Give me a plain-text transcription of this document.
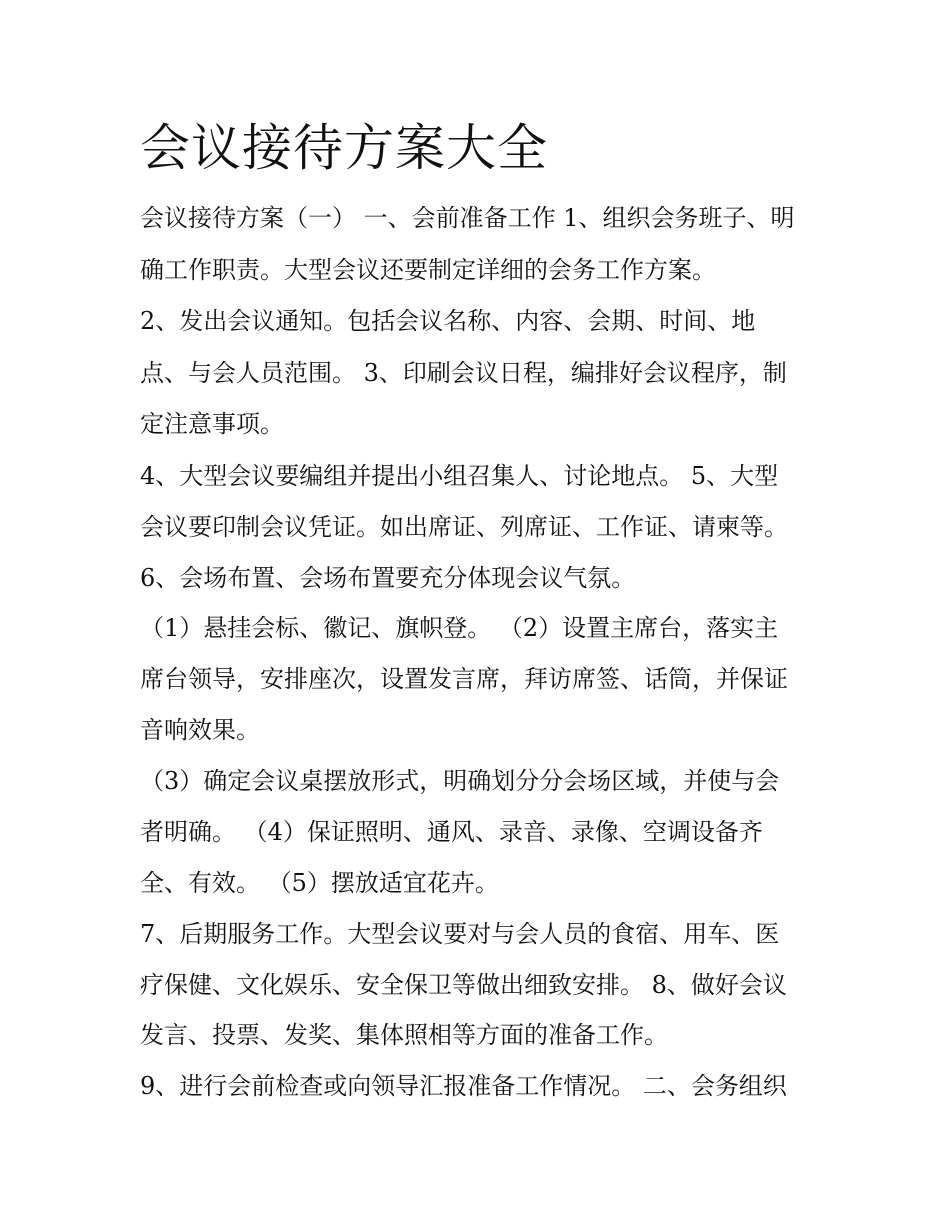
会议接待方案大全

会议接待方案（一） 一、会前准备工作 1、组织会务班子、明

确工作职责。大型会议还要制定详细的会务工作方案。

2、发出会议通知。包括会议名称、内容、会期、时间、地

点、与会人员范围。 3、印刷会议日程，编排好会议程序，制

定注意事项。

4、大型会议要编组并提出小组召集人、讨论地点。 5、大型

会议要印制会议凭证。如出席证、列席证、工作证、请柬等。

6、会场布置、会场布置要充分体现会议气氛。

（1）悬挂会标、徽记、旗帜登。 （2）设置主席台，落实主

席台领导，安排座次，设置发言席，拜访席签、话筒，并保证

音响效果。

（3）确定会议桌摆放形式，明确划分分会场区域，并使与会

者明确。 （4）保证照明、通风、录音、录像、空调设备齐

全、有效。 （5）摆放适宜花卉。

7、后期服务工作。大型会议要对与会人员的食宿、用车、医

疗保健、文化娱乐、安全保卫等做出细致安排。 8、做好会议

发言、投票、发奖、集体照相等方面的准备工作。

9、进行会前检查或向领导汇报准备工作情况。 二、会务组织
